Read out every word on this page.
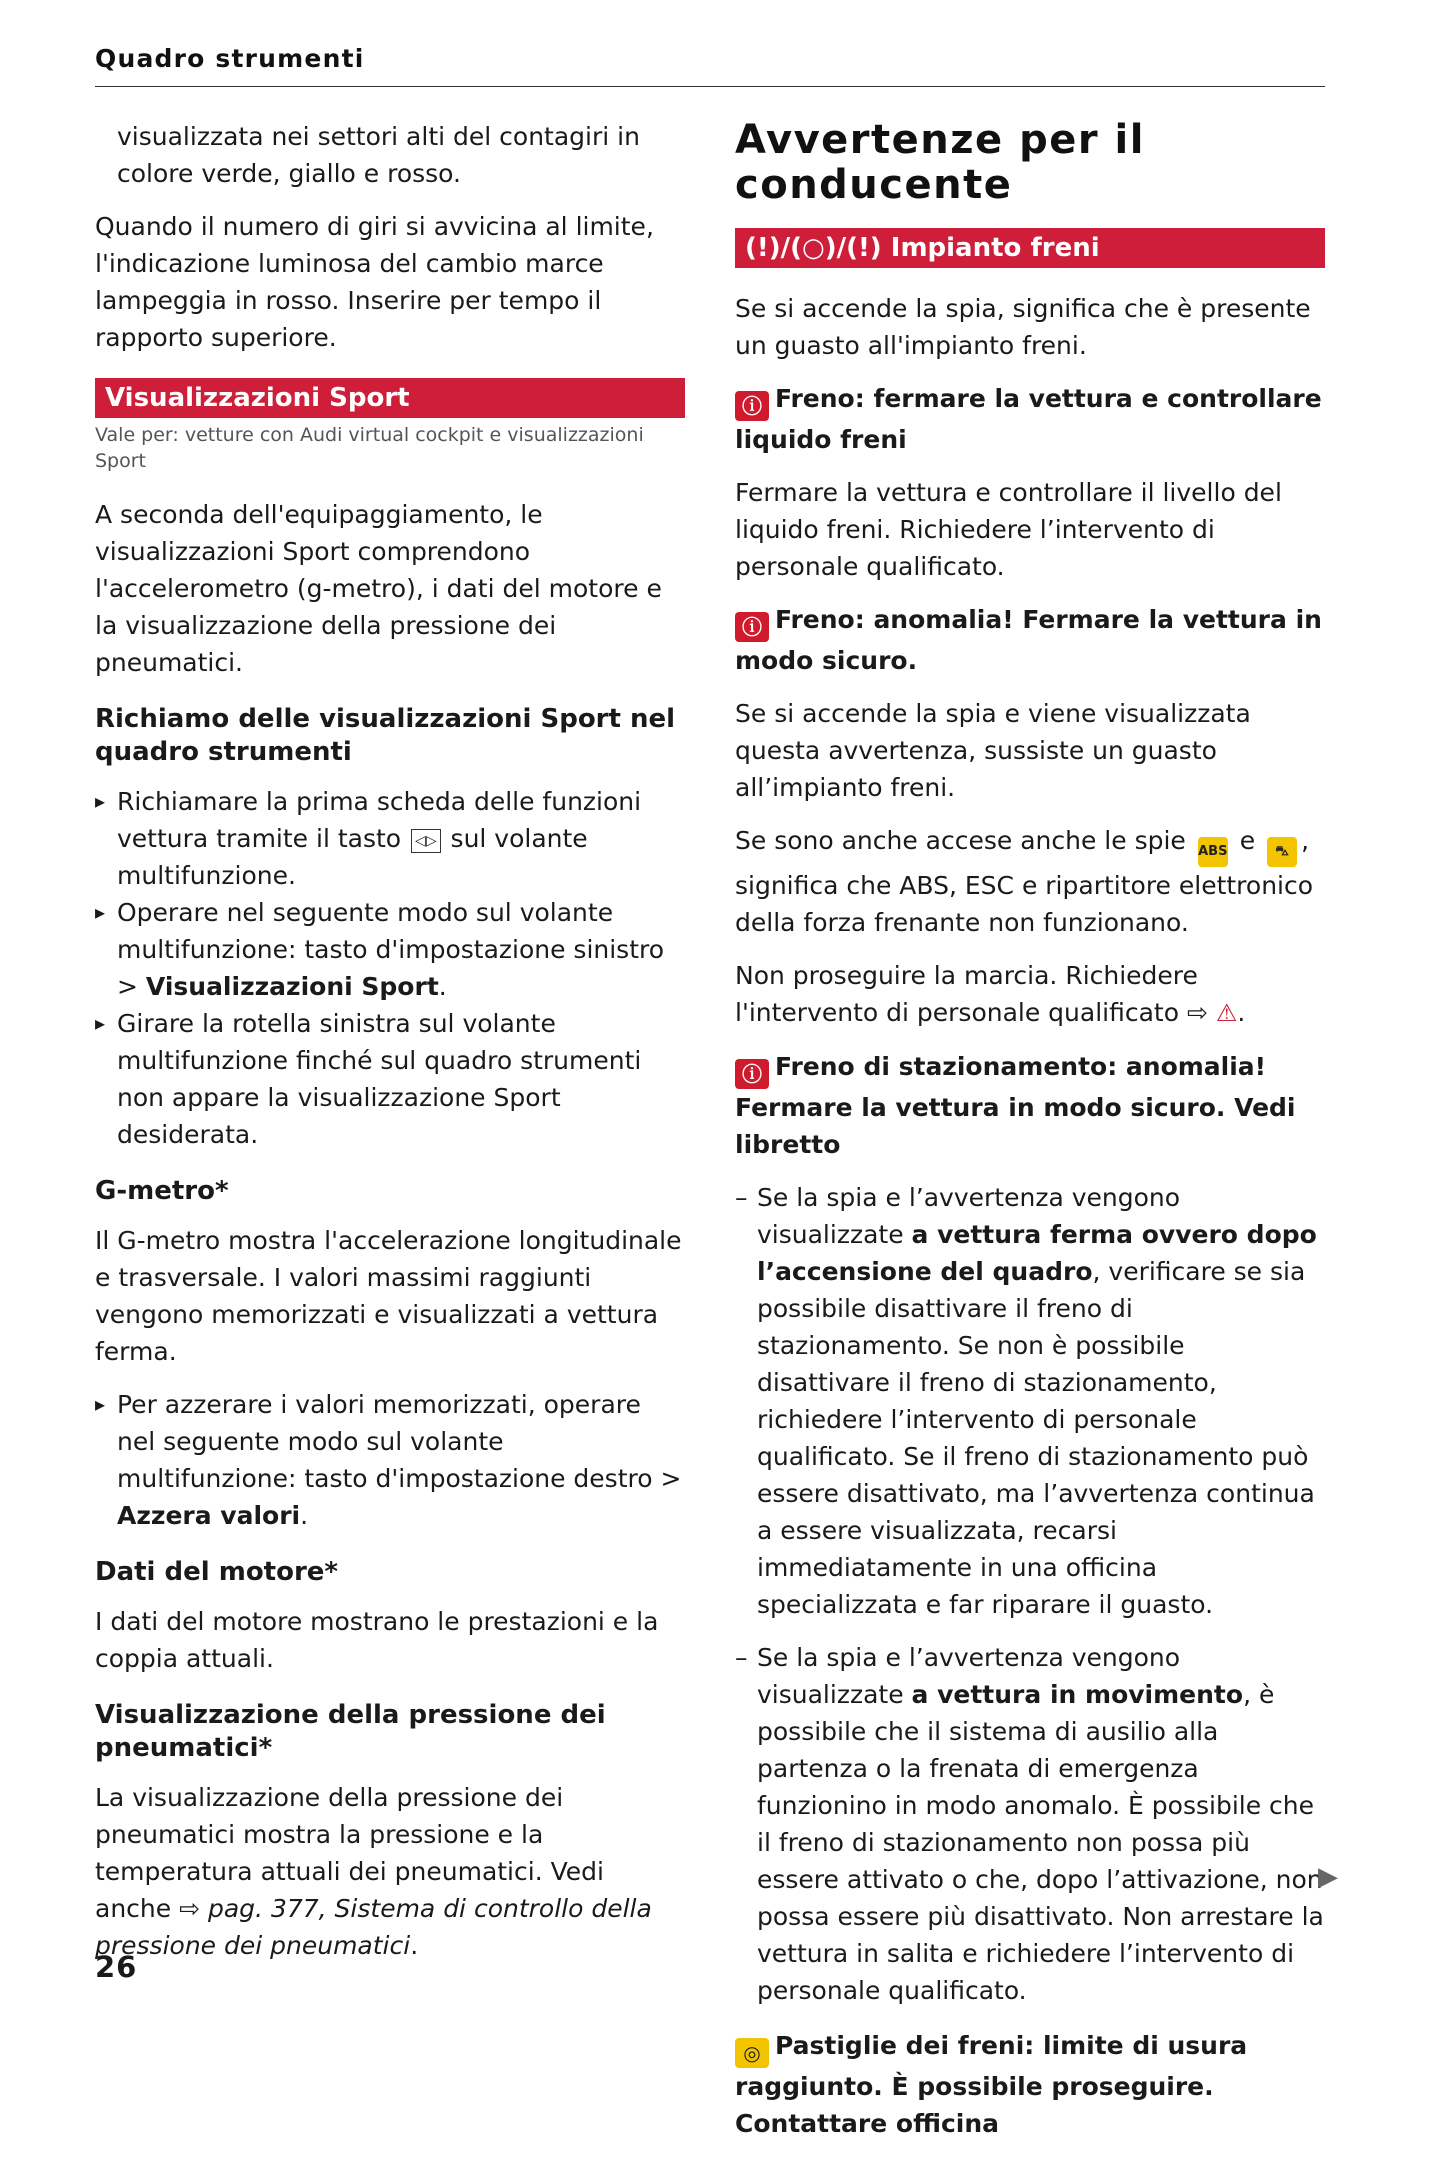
Quadro strumenti

visualizzata nei settori alti del contagiri in colore verde, giallo e rosso.

Quando il numero di giri si avvicina al limite, l'indicazione luminosa del cambio marce lampeggia in rosso. Inserire per tempo il rapporto superiore.

Visualizzazioni Sport
Vale per: vetture con Audi virtual cockpit e visualizzazioni Sport

A seconda dell'equipaggiamento, le visualizzazioni Sport comprendono l'accelerometro (g-metro), i dati del motore e la visualizzazione della pressione dei pneumatici.

Richiamo delle visualizzazioni Sport nel quadro strumenti
▸ Richiamare la prima scheda delle funzioni vettura tramite il tasto ◁▷ sul volante multifunzione.
▸ Operare nel seguente modo sul volante multifunzione: tasto d'impostazione sinistro > Visualizzazioni Sport.
▸ Girare la rotella sinistra sul volante multifunzione finché sul quadro strumenti non appare la visualizzazione Sport desiderata.
G-metro*

Il G-metro mostra l'accelerazione longitudinale e trasversale. I valori massimi raggiunti vengono memorizzati e visualizzati a vettura ferma.

▸ Per azzerare i valori memorizzati, operare nel seguente modo sul volante multifunzione: tasto d'impostazione destro > Azzera valori.
Dati del motore*

I dati del motore mostrano le prestazioni e la coppia attuali.

Visualizzazione della pressione dei pneumatici*

La visualizzazione della pressione dei pneumatici mostra la pressione e la temperatura attuali dei pneumatici. Vedi anche ⇨ pag. 377, Sistema di controllo della pressione dei pneumatici.

Avvertenze per il conducente
(!)/(○)/(!) Impianto freni

Se si accende la spia, significa che è presente un guasto all'impianto freni.

ⓘ Freno: fermare la vettura e controllare liquido freni

Fermare la vettura e controllare il livello del liquido freni. Richiedere l’intervento di personale qualificato.

ⓘ Freno: anomalia! Fermare la vettura in modo sicuro.

Se si accende la spia e viene visualizzata questa avvertenza, sussiste un guasto all’impianto freni.

Se sono anche accese anche le spie ABS e ⛍ , significa che ABS, ESC e ripartitore elettronico della forza frenante non funzionano.

Non proseguire la marcia. Richiedere l'intervento di personale qualificato ⇨ ⚠.

ⓘ Freno di stazionamento: anomalia! Fermare la vettura in modo sicuro. Vedi libretto
– Se la spia e l’avvertenza vengono visualizzate a vettura ferma ovvero dopo l’accensione del quadro, verificare se sia possibile disattivare il freno di stazionamento. Se non è possibile disattivare il freno di stazionamento, richiedere l’intervento di personale qualificato. Se il freno di stazionamento può essere disattivato, ma l’avvertenza continua a essere visualizzata, recarsi immediatamente in una officina specializzata e far riparare il guasto.
– Se la spia e l’avvertenza vengono visualizzate a vettura in movimento, è possibile che il sistema di ausilio alla partenza o la frenata di emergenza funzionino in modo anomalo. È possibile che il freno di stazionamento non possa più essere attivato o che, dopo l’attivazione, non possa essere più disattivato. Non arrestare la vettura in salita e richiedere l’intervento di personale qualificato.
◎ Pastiglie dei freni: limite di usura raggiunto. È possibile proseguire. Contattare officina
▶
26
